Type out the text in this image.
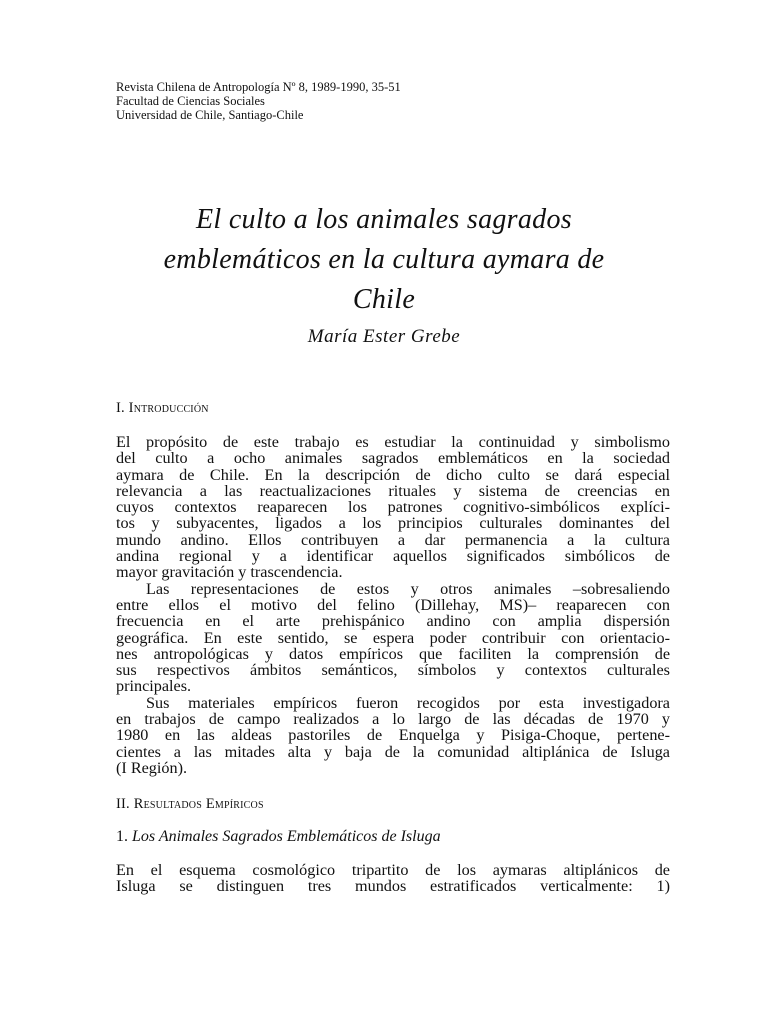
Revista Chilena de Antropología Nº 8, 1989-1990, 35-51
Facultad de Ciencias Sociales
Universidad de Chile, Santiago-Chile
El culto a los animales sagrados
emblemáticos en la cultura aymara de
Chile
María Ester Grebe
I. Introducción
El propósito de este trabajo es estudiar la continuidad y simbolismo
del culto a ocho animales sagrados emblemáticos en la sociedad
aymara de Chile. En la descripción de dicho culto se dará especial
relevancia a las reactualizaciones rituales y sistema de creencias en
cuyos contextos reaparecen los patrones cognitivo-simbólicos explíci-
tos y subyacentes, ligados a los principios culturales dominantes del
mundo andino. Ellos contribuyen a dar permanencia a la cultura
andina regional y a identificar aquellos significados simbólicos de
mayor gravitación y trascendencia.
Las representaciones de estos y otros animales –sobresaliendo
entre ellos el motivo del felino (Dillehay, MS)– reaparecen con
frecuencia en el arte prehispánico andino con amplia dispersión
geográfica. En este sentido, se espera poder contribuir con orientacio-
nes antropológicas y datos empíricos que faciliten la comprensión de
sus respectivos ámbitos semánticos, símbolos y contextos culturales
principales.
Sus materiales empíricos fueron recogidos por esta investigadora
en trabajos de campo realizados a lo largo de las décadas de 1970 y
1980 en las aldeas pastoriles de Enquelga y Pisiga-Choque, pertene-
cientes a las mitades alta y baja de la comunidad altiplánica de Isluga
(I Región).
II. Resultados Empíricos
1. Los Animales Sagrados Emblemáticos de Isluga
En el esquema cosmológico tripartito de los aymaras altiplánicos de
Isluga se distinguen tres mundos estratificados verticalmente: 1)
